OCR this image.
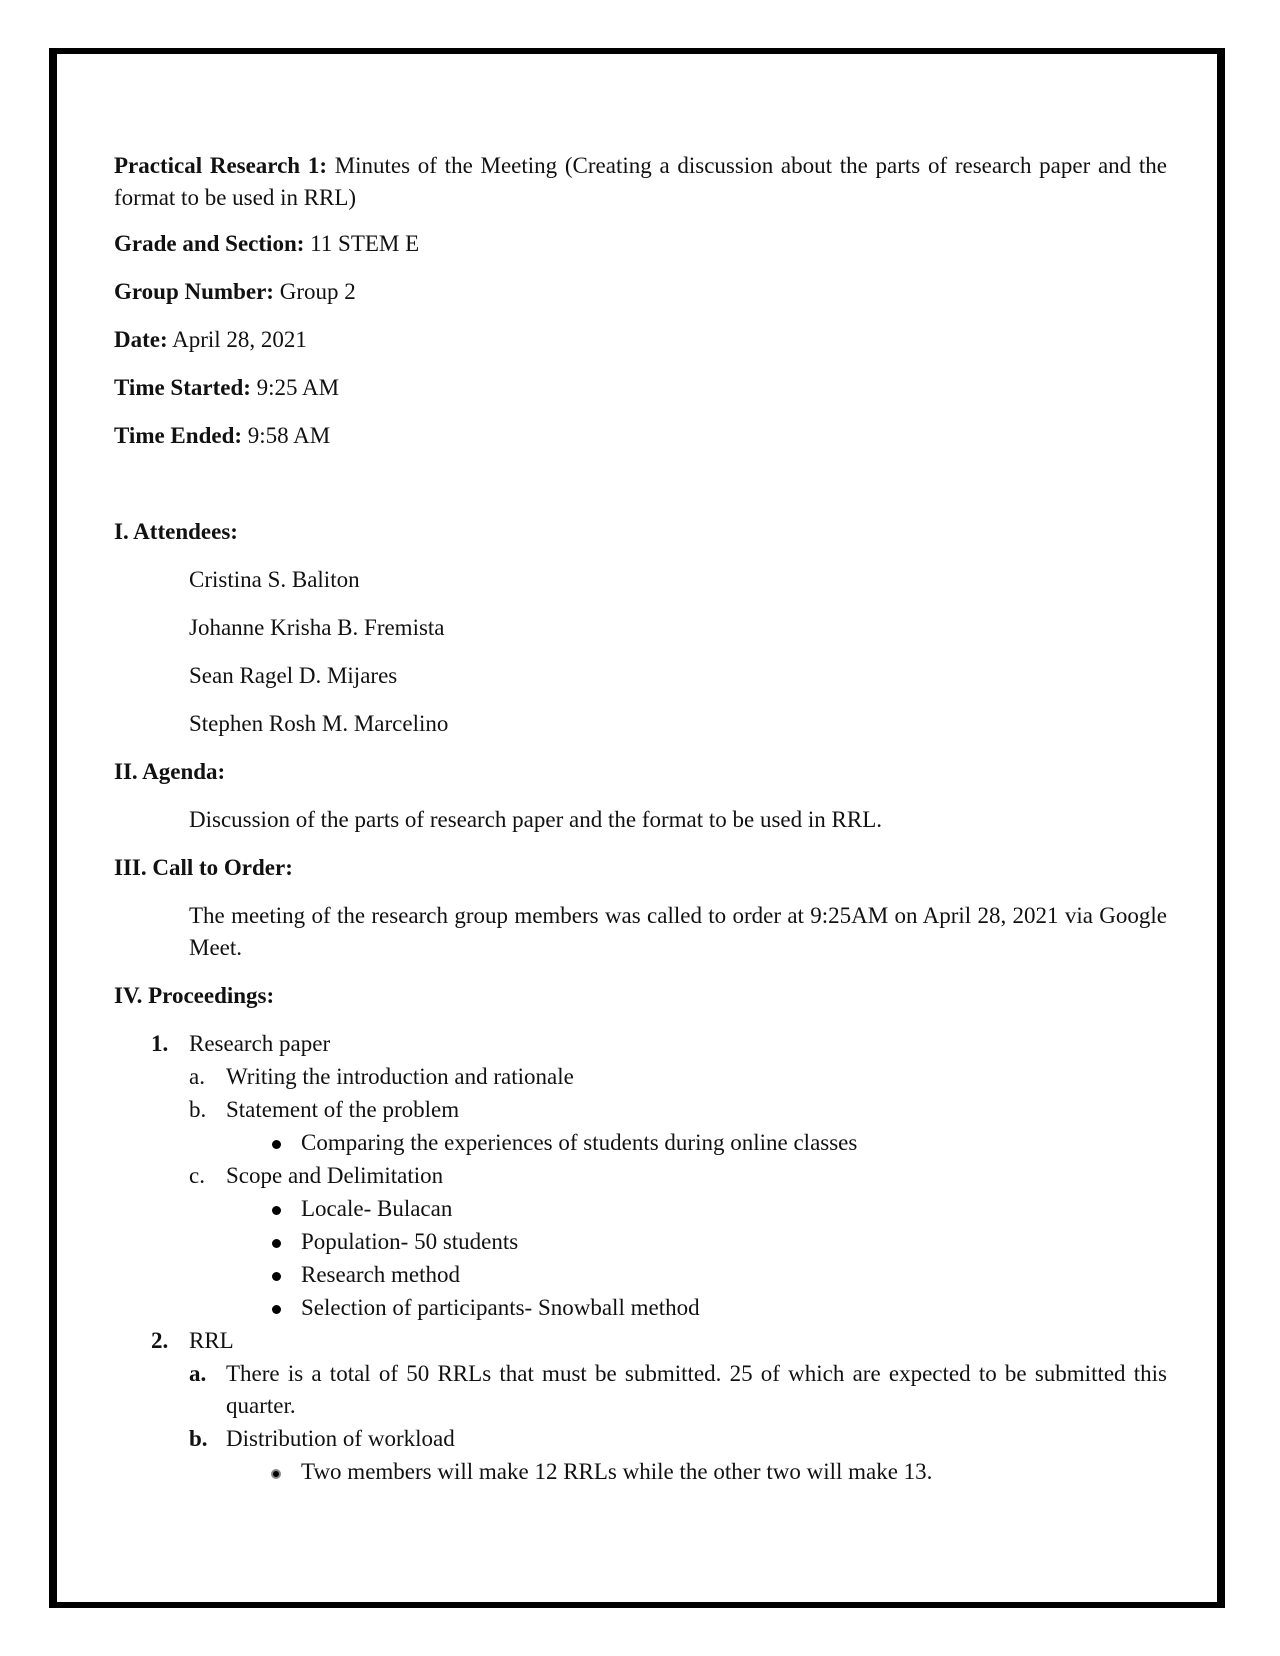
Practical Research 1: Minutes of the Meeting (Creating a discussion about the parts of research paper and the format to be used in RRL)

Grade and Section: 11 STEM E

Group Number: Group 2

Date: April 28, 2021

Time Started: 9:25 AM

Time Ended: 9:58 AM

I. Attendees:

Cristina S. Baliton

Johanne Krisha B. Fremista

Sean Ragel D. Mijares

Stephen Rosh M. Marcelino

II. Agenda:

Discussion of the parts of research paper and the format to be used in RRL.

III. Call to Order:

The meeting of the research group members was called to order at 9:25AM on April 28, 2021 via Google Meet.

IV. Proceedings:

1. Research paper
a. Writing the introduction and rationale
b. Statement of the problem
Comparing the experiences of students during online classes
c. Scope and Delimitation
Locale- Bulacan
Population- 50 students
Research method
Selection of participants- Snowball method
2. RRL
a. There is a total of 50 RRLs that must be submitted. 25 of which are expected to be submitted this quarter.
b. Distribution of workload
Two members will make 12 RRLs while the other two will make 13.
